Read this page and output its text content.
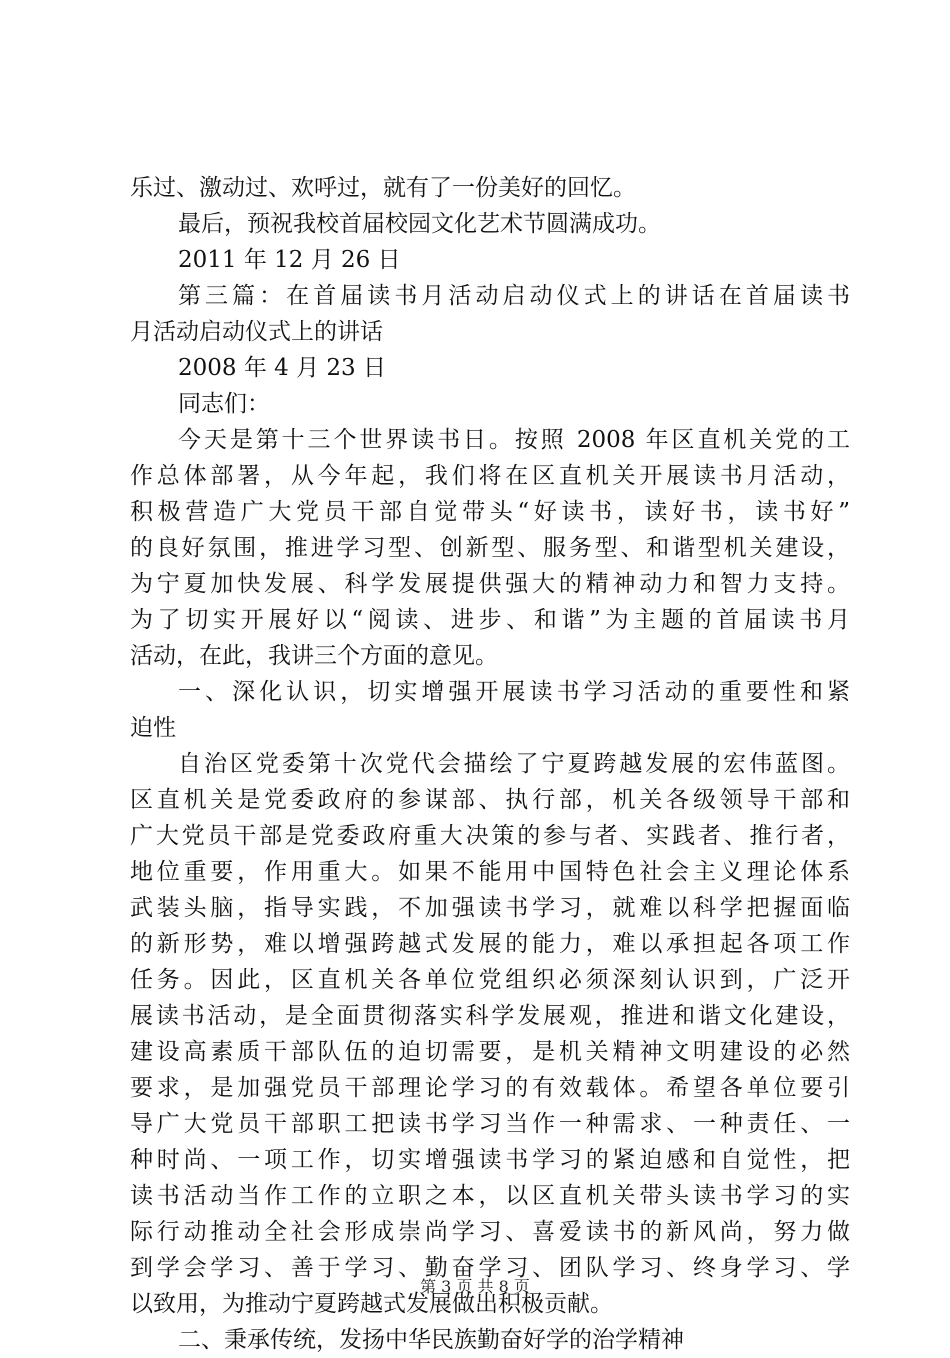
乐过、激动过、欢呼过，就有了一份美好的回忆。
最后，预祝我校首届校园文化艺术节圆满成功。
2011 年 12 月 26 日
第三篇：在首届读书月活动启动仪式上的讲话在首届读书
月活动启动仪式上的讲话
2008 年 4 月 23 日
同志们：
今天是第十三个世界读书日。按照 2008 年区直机关党的工
作总体部署，从今年起，我们将在区直机关开展读书月活动，
积极营造广大党员干部自觉带头“好读书，读好书，读书好”
的良好氛围，推进学习型、创新型、服务型、和谐型机关建设，
为宁夏加快发展、科学发展提供强大的精神动力和智力支持。
为了切实开展好以“阅读、进步、和谐”为主题的首届读书月
活动，在此，我讲三个方面的意见。
一、深化认识，切实增强开展读书学习活动的重要性和紧
迫性
自治区党委第十次党代会描绘了宁夏跨越发展的宏伟蓝图。
区直机关是党委政府的参谋部、执行部，机关各级领导干部和
广大党员干部是党委政府重大决策的参与者、实践者、推行者，
地位重要，作用重大。如果不能用中国特色社会主义理论体系
武装头脑，指导实践，不加强读书学习，就难以科学把握面临
的新形势，难以增强跨越式发展的能力，难以承担起各项工作
任务。因此，区直机关各单位党组织必须深刻认识到，广泛开
展读书活动，是全面贯彻落实科学发展观，推进和谐文化建设，
建设高素质干部队伍的迫切需要，是机关精神文明建设的必然
要求，是加强党员干部理论学习的有效载体。希望各单位要引
导广大党员干部职工把读书学习当作一种需求、一种责任、一
种时尚、一项工作，切实增强读书学习的紧迫感和自觉性，把
读书活动当作工作的立职之本，以区直机关带头读书学习的实
际行动推动全社会形成崇尚学习、喜爱读书的新风尚，努力做
到学会学习、善于学习、勤奋学习、团队学习、终身学习、学
以致用，为推动宁夏跨越式发展做出积极贡献。
二、秉承传统，发扬中华民族勤奋好学的治学精神
第 3 页 共 8 页
